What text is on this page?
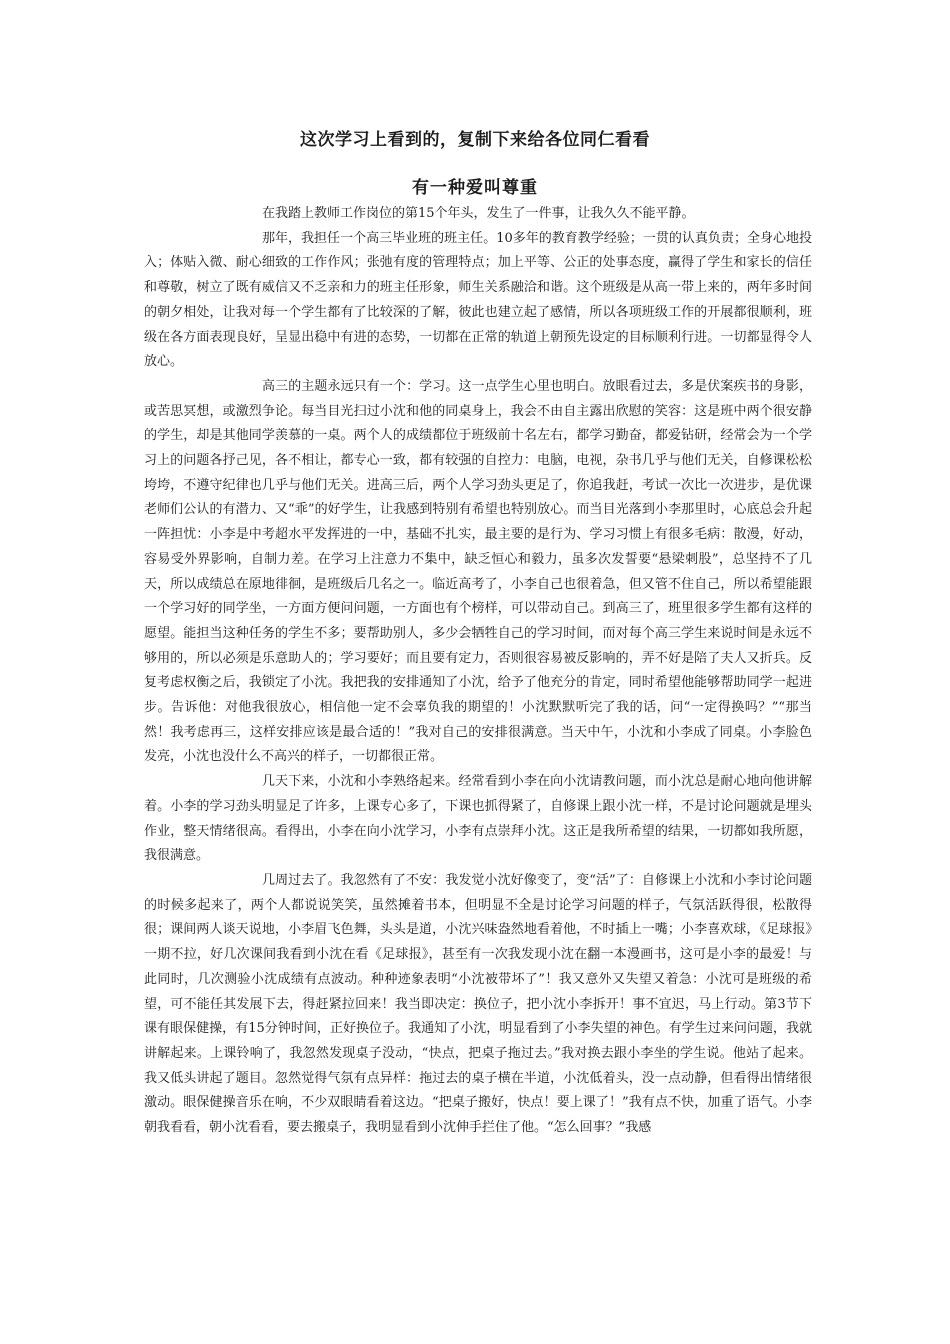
这次学习上看到的，复制下来给各位同仁看看
有一种爱叫尊重

在我踏上教师工作岗位的第15个年头，发生了一件事，让我久久不能平静。

那年，我担任一个高三毕业班的班主任。10多年的教育教学经验；一贯的认真负责；全身心地投入；体贴入微、耐心细致的工作作风；张弛有度的管理特点；加上平等、公正的处事态度，赢得了学生和家长的信任和尊敬，树立了既有威信又不乏亲和力的班主任形象，师生关系融洽和谐。这个班级是从高一带上来的，两年多时间的朝夕相处，让我对每一个学生都有了比较深的了解，彼此也建立起了感情，所以各项班级工作的开展都很顺利，班级在各方面表现良好，呈显出稳中有进的态势，一切都在正常的轨道上朝预先设定的目标顺利行进。一切都显得令人放心。

高三的主题永远只有一个：学习。这一点学生心里也明白。放眼看过去，多是伏案疾书的身影，或苦思冥想，或激烈争论。每当目光扫过小沈和他的同桌身上，我会不由自主露出欣慰的笑容：这是班中两个很安静的学生，却是其他同学羡慕的一桌。两个人的成绩都位于班级前十名左右，都学习勤奋，都爱钻研，经常会为一个学习上的问题各抒己见，各不相让，都专心一致，都有较强的自控力：电脑，电视，杂书几乎与他们无关，自修课松松垮垮，不遵守纪律也几乎与他们无关。进高三后，两个人学习劲头更足了，你追我赶，考试一次比一次进步，是优课老师们公认的有潜力、又“乖”的好学生，让我感到特别有希望也特别放心。而当目光落到小李那里时，心底总会升起一阵担忧：小李是中考超水平发挥进的一中，基础不扎实，最主要的是行为、学习习惯上有很多毛病：散漫，好动，容易受外界影响，自制力差。在学习上注意力不集中，缺乏恒心和毅力，虽多次发誓要“悬梁刺股”，总坚持不了几天，所以成绩总在原地徘徊，是班级后几名之一。临近高考了，小李自己也很着急，但又管不住自己，所以希望能跟一个学习好的同学坐，一方面方便问问题，一方面也有个榜样，可以带动自己。到高三了，班里很多学生都有这样的愿望。能担当这种任务的学生不多；要帮助别人，多少会牺牲自己的学习时间，而对每个高三学生来说时间是永远不够用的，所以必须是乐意助人的；学习要好；而且要有定力，否则很容易被反影响的，弄不好是陪了夫人又折兵。反复考虑权衡之后，我锁定了小沈。我把我的安排通知了小沈，给予了他充分的肯定，同时希望他能够帮助同学一起进步。告诉他：对他我很放心，相信他一定不会辜负我的期望的！小沈默默听完了我的话，问“一定得换吗？”“那当然！我考虑再三，这样安排应该是最合适的！”我对自己的安排很满意。当天中午，小沈和小李成了同桌。小李脸色发亮，小沈也没什么不高兴的样子，一切都很正常。

几天下来，小沈和小李熟络起来。经常看到小李在向小沈请教问题，而小沈总是耐心地向他讲解着。小李的学习劲头明显足了许多，上课专心多了，下课也抓得紧了，自修课上跟小沈一样，不是讨论问题就是埋头作业，整天情绪很高。看得出，小李在向小沈学习，小李有点崇拜小沈。这正是我所希望的结果，一切都如我所愿，我很满意。

几周过去了。我忽然有了不安：我发觉小沈好像变了，变“活”了：自修课上小沈和小李讨论问题的时候多起来了，两个人都说说笑笑，虽然摊着书本，但明显不全是讨论学习问题的样子，气氛活跃得很，松散得很；课间两人谈天说地，小李眉飞色舞，头头是道，小沈兴味盎然地看着他，不时插上一嘴；小李喜欢球，《足球报》一期不拉，好几次课间我看到小沈在看《足球报》，甚至有一次我发现小沈在翻一本漫画书，这可是小李的最爱！与此同时，几次测验小沈成绩有点波动。种种迹象表明“小沈被带坏了”！我又意外又失望又着急：小沈可是班级的希望，可不能任其发展下去，得赶紧拉回来！我当即决定：换位子，把小沈小李拆开！事不宜迟，马上行动。第3节下课有眼保健操，有15分钟时间，正好换位子。我通知了小沈，明显看到了小李失望的神色。有学生过来问问题，我就讲解起来。上课铃响了，我忽然发现桌子没动，“快点，把桌子拖过去。”我对换去跟小李坐的学生说。他站了起来。我又低头讲起了题目。忽然觉得气氛有点异样：拖过去的桌子横在半道，小沈低着头，没一点动静，但看得出情绪很激动。眼保健操音乐在响，不少双眼睛看着这边。“把桌子搬好，快点！要上课了！”我有点不快，加重了语气。小李朝我看看，朝小沈看看，要去搬桌子，我明显看到小沈伸手拦住了他。“怎么回事？”我感
